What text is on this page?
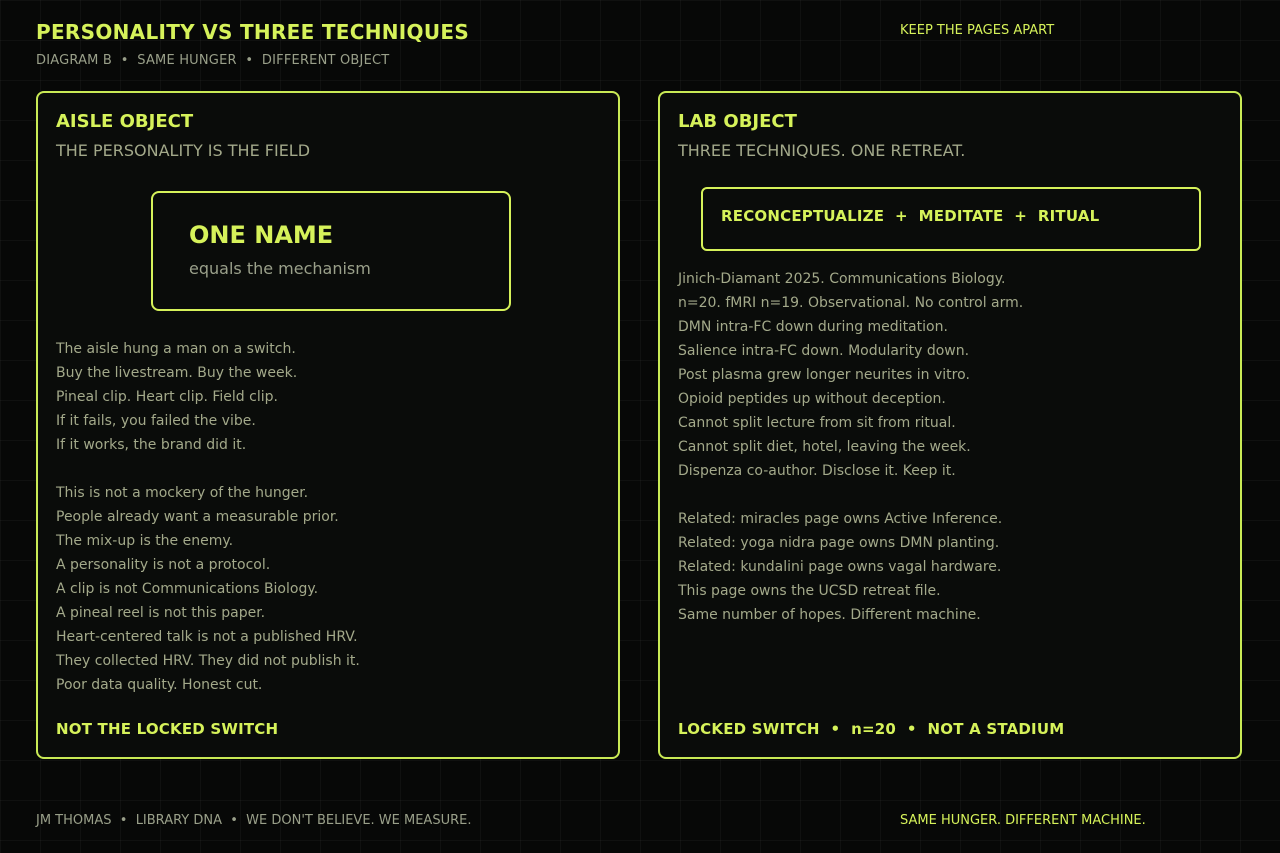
PERSONALITY VS THREE TECHNIQUES
DIAGRAM B  •  SAME HUNGER  •  DIFFERENT OBJECT
KEEP THE PAGES APART
AISLE OBJECT
THE PERSONALITY IS THE FIELD
ONE NAME
equals the mechanism
The aisle hung a man on a switch.
Buy the livestream. Buy the week.
Pineal clip. Heart clip. Field clip.
If it fails, you failed the vibe.
If it works, the brand did it.
This is not a mockery of the hunger.
People already want a measurable prior.
The mix-up is the enemy.
A personality is not a protocol.
A clip is not Communications Biology.
A pineal reel is not this paper.
Heart-centered talk is not a published HRV.
They collected HRV. They did not publish it.
Poor data quality. Honest cut.
NOT THE LOCKED SWITCH
LAB OBJECT
THREE TECHNIQUES. ONE RETREAT.
RECONCEPTUALIZE  +  MEDITATE  +  RITUAL
Jinich-Diamant 2025. Communications Biology.
n=20. fMRI n=19. Observational. No control arm.
DMN intra-FC down during meditation.
Salience intra-FC down. Modularity down.
Post plasma grew longer neurites in vitro.
Opioid peptides up without deception.
Cannot split lecture from sit from ritual.
Cannot split diet, hotel, leaving the week.
Dispenza co-author. Disclose it. Keep it.
Related: miracles page owns Active Inference.
Related: yoga nidra page owns DMN planting.
Related: kundalini page owns vagal hardware.
This page owns the UCSD retreat file.
Same number of hopes. Different machine.
LOCKED SWITCH  •  n=20  •  NOT A STADIUM
JM THOMAS  •  LIBRARY DNA  •  WE DON'T BELIEVE. WE MEASURE.	SAME HUNGER. DIFFERENT MACHINE.
